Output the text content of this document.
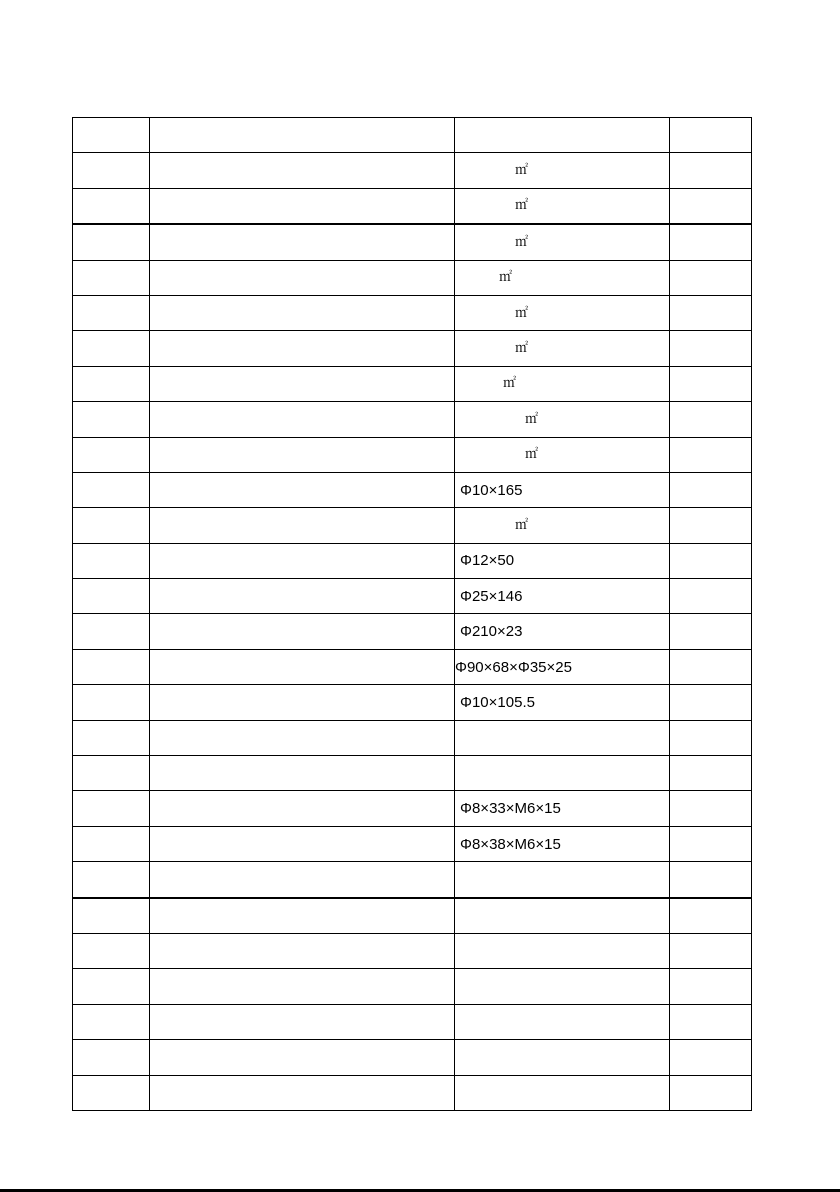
		㎡	

		㎡	

		㎡	

		㎡	

		㎡	

		㎡	

		㎡	

		㎡	

		㎡	

		Φ10×165	

		㎡	

		Φ12×50	

		Φ25×146	

		Φ210×23	

		Φ90×68×Φ35×25	

		Φ10×105.5	

		Φ8×33×M6×15	

		Φ8×38×M6×15	
